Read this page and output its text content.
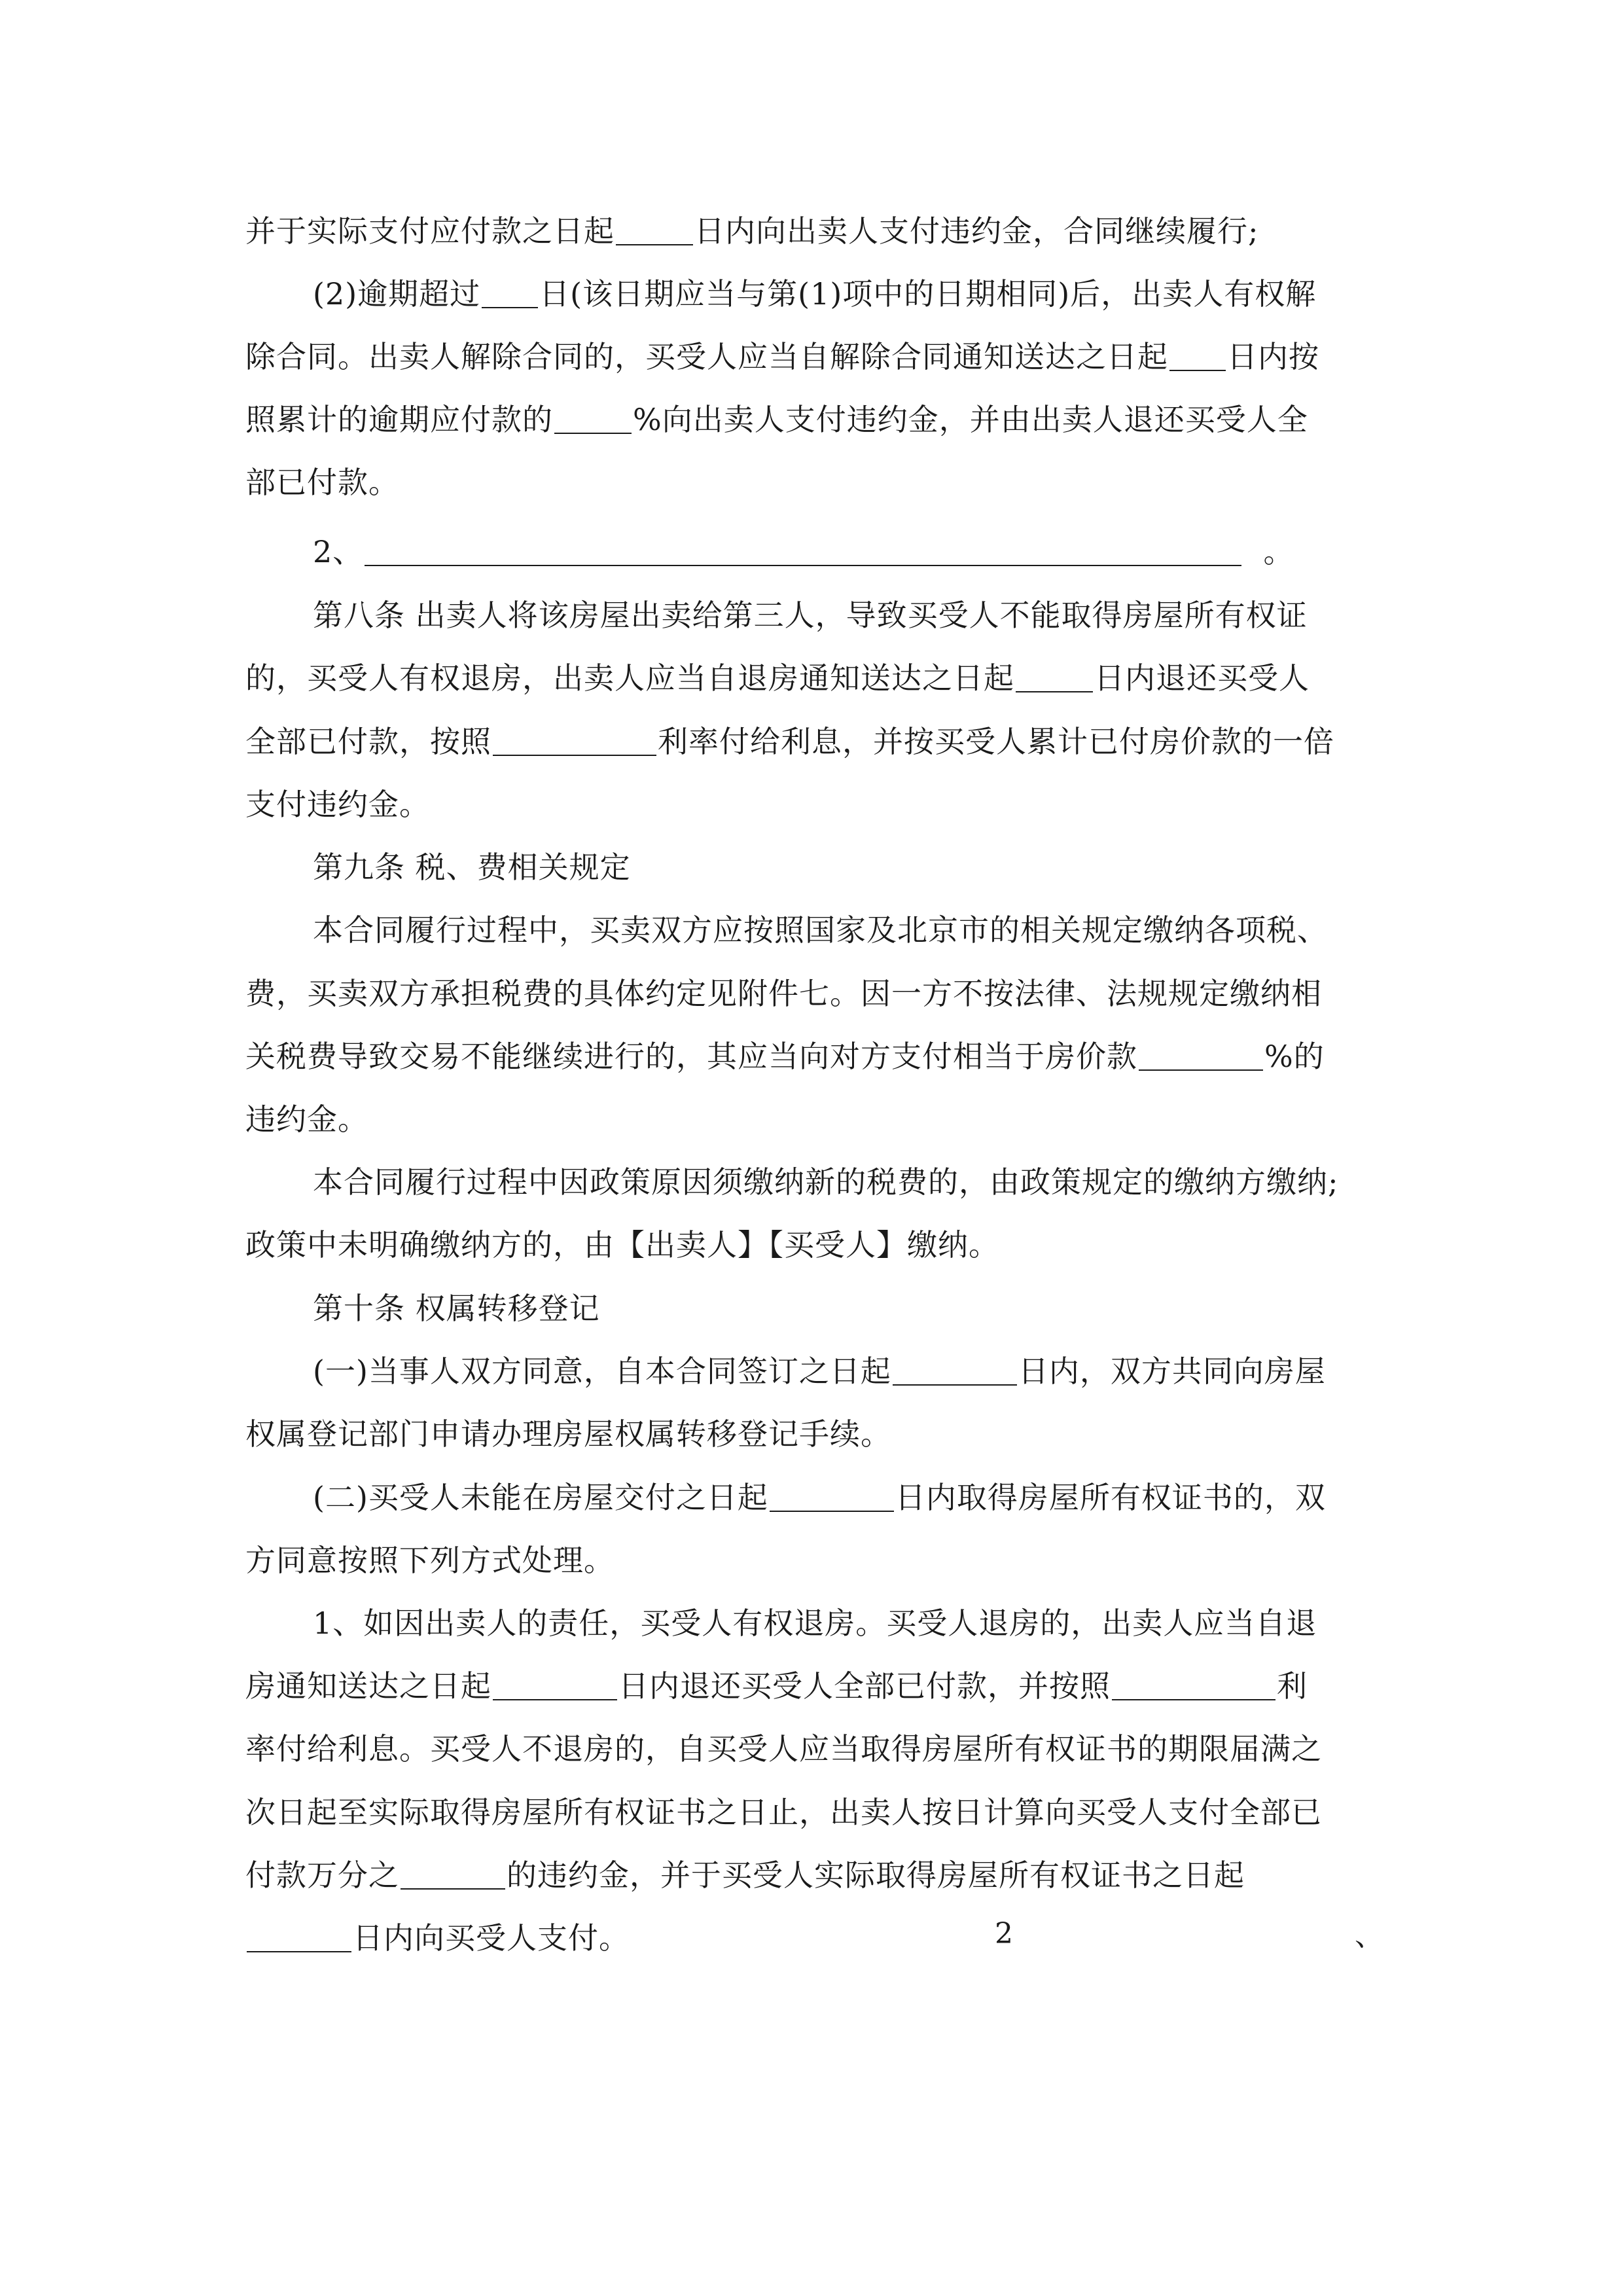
并于实际支付应付款之日起	日内向出卖人支付违约金，合同继续履行;
(2)逾期超过 日(该日期应当与第(1)项中的日期相同)后，出卖人有权解
除合同。出卖人解除合同的，买受人应当自解除合同通知送达之日起 日内按
照累计的逾期应付款的	%向出卖人支付违约金，并由出卖人退还买受人全
部已付款。
2、	。
第八条 出卖人将该房屋出卖给第三人，导致买受人不能取得房屋所有权证
的，买受人有权退房，出卖人应当自退房通知送达之日起	日内退还买受人
全部已付款，按照	利率付给利息，并按买受人累计已付房价款的一倍
支付违约金。
第九条 税、费相关规定
本合同履行过程中，买卖双方应按照国家及北京市的相关规定缴纳各项税、
费，买卖双方承担税费的具体约定见附件七。因一方不按法律、法规规定缴纳相
关税费导致交易不能继续进行的，其应当向对方支付相当于房价款	%的
违约金。
本合同履行过程中因政策原因须缴纳新的税费的，由政策规定的缴纳方缴纳;
政策中未明确缴纳方的，由【出卖人】【买受人】缴纳。
第十条 权属转移登记
(一)当事人双方同意，自本合同签订之日起	日内，双方共同向房屋
权属登记部门申请办理房屋权属转移登记手续。
(二)买受人未能在房屋交付之日起	日内取得房屋所有权证书的，双
方同意按照下列方式处理。
1、如因出卖人的责任，买受人有权退房。买受人退房的，出卖人应当自退
房通知送达之日起	日内退还买受人全部已付款，并按照	利
率付给利息。买受人不退房的，自买受人应当取得房屋所有权证书的期限届满之
次日起至实际取得房屋所有权证书之日止，出卖人按日计算向买受人支付全部已
付款万分之	的违约金，并于买受人实际取得房屋所有权证书之日起
日内向买受人支付。	2	、
